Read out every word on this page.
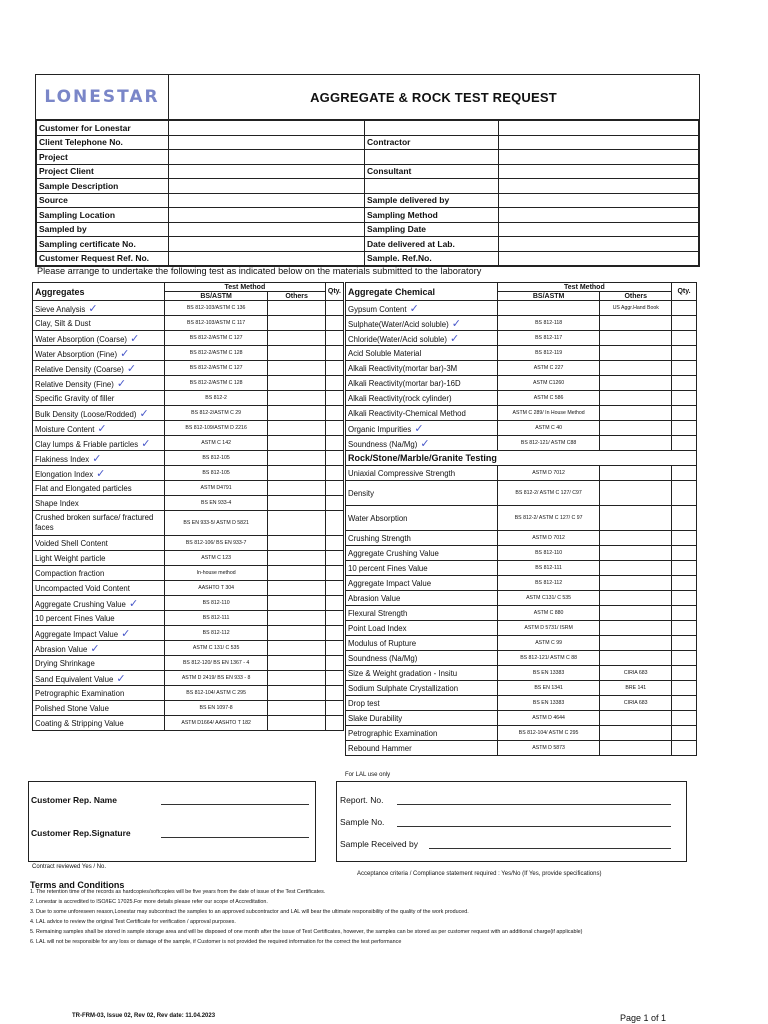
LONESTAR	AGGREGATE & ROCK TEST REQUEST
Customer for Lonestar			
Client Telephone No.		Contractor	
Project			
Project Client		Consultant	
Sample Description			
Source		Sample delivered by	
Sampling Location		Sampling Method	
Sampled by		Sampling Date	
Sampling certificate No.		Date delivered at Lab.	
Customer Request Ref. No.		Sample. Ref.No.	
Please arrange to undertake the following test as indicated below on the materials submitted to the laboratory
Aggregates	Test Method		Qty.
	BS/ASTM	Others	
Sieve Analysis ✓	BS 812-103/ASTM C 136		
Clay, Silt & Dust	BS 812-103/ASTM C 117		
Water Absorption (Coarse) ✓	BS 812-2/ASTM C 127		
Water Absorption (Fine) ✓	BS 812-2/ASTM C 128		
Relative Density (Coarse) ✓	BS 812-2/ASTM C 127		
Relative Density (Fine) ✓	BS 812-2/ASTM C 128		
Specific Gravity of filler	BS 812-2		
Bulk Density (Loose/Rodded) ✓	BS 812-2/ASTM C 29		
Moisture Content ✓	BS 812-109/ASTM D 2216		
Clay lumps & Friable particles ✓	ASTM C 142		
Flakiness Index ✓	BS 812-105		
Elongation Index ✓	BS 812-105		
Flat and Elongated particles	ASTM D4791		
Shape Index	BS EN 933-4		
Crushed broken surface/ fractured faces	BS EN 933-5/ ASTM D 5821		
Voided Shell Content	BS 812-106/ BS EN 933-7		
Light Weight particle	ASTM C 123		
Compaction fraction	In-house method		
Uncompacted Void Content	AASHTO T 304		
Aggregate Crushing Value ✓	BS 812-110		
10 percent Fines Value	BS 812-111		
Aggregate Impact Value ✓	BS 812-112		
Abrasion Value ✓	ASTM C 131/ C 535		
Drying Shrinkage	BS 812-120/ BS EN 1367 - 4		
Sand Equivalent Value ✓	ASTM D 2419/ BS EN 933 - 8		
Petrographic Examination	BS 812-104/ ASTM C 295		
Polished Stone Value	BS EN 1097-8		
Coating & Stripping Value	ASTM D1664/ AASHTO T 182		
Aggregate Chemical	Test Method		Qty.
	BS/ASTM	Others	
Gypsum Content ✓		US Aggr.Hand Book	
Sulphate(Water/Acid soluble) ✓	BS 812-118		
Chloride(Water/Acid soluble) ✓	BS 812-117		
Acid Soluble Material	BS 812-119		
Alkali Reactivity(mortar bar)-3M	ASTM C 227		
Alkali Reactivity(mortar bar)-16D	ASTM C1260		
Alkali Reactivity(rock cylinder)	ASTM C 586		
Alkali Reactivity-Chemical Method	ASTM C 289/ In House Method		
Organic Impurities ✓	ASTM C 40		
Soundness (Na/Mg) ✓	BS 812-121/ ASTM C88		
Rock/Stone/Marble/Granite Testing			
Uniaxial Compressive Strength	ASTM D 7012		
Density	BS 812-2/ ASTM C 127/ C97		
Water Absorption	BS 812-2/ ASTM C 127/ C 97		
Crushing Strength	ASTM D 7012		
Aggregate Crushing Value	BS 812-110		
10 percent Fines Value	BS 812-111		
Aggregate Impact Value	BS 812-112		
Abrasion Value	ASTM C131/ C 535		
Flexural Strength	ASTM C 880		
Point Load Index	ASTM D 5731/ ISRM		
Modulus of Rupture	ASTM C 99		
Soundness (Na/Mg)	BS 812-121/ ASTM C 88		
Size & Weight gradation - Insitu	BS EN 13383	CIRIA 683	
Sodium Sulphate Crystallization	BS EN 1341	BRE 141	
Drop test	BS EN 13383	CIRIA 683	
Slake Durability	ASTM D 4644		
Petrographic Examination	BS 812-104/ ASTM C 295		
Rebound Hammer	ASTM D 5873		
For LAL use only
Customer Rep. Name
Customer Rep.Signature
Report. No.
Sample No.
Sample Received by
Contract reviewed Yes / No.
Acceptance criteria / Compliance statement required : Yes/No (If Yes, provide specifications)
Terms and Conditions
1. The retention time of the records as hardcopies/softcopies will be five years from the date of issue of the Test Certificates.
2. Lonestar is accredited to ISO/IEC 17025.For more details please refer our scope of Accreditation.
3. Due to some unforeseen reason,Lonestar may subcontract the samples to an approved subcontractor and LAL will bear the ultimate responsibility of the quality of the work produced.
4. LAL advice to review the original Test Certificate for verification / approval purposes.
5. Remaining samples shall be stored in sample storage area and will be disposed of one month after the issue of Test Certificates, however, the samples can be stored as per customer request with an additional charge(if applicable)
6. LAL will not be responsible for any loss or damage of the sample, if Customer is not provided the required information for the correct the test performance
TR-FRM-03, Issue 02, Rev 02, Rev date: 11.04.2023	Page 1 of 1
